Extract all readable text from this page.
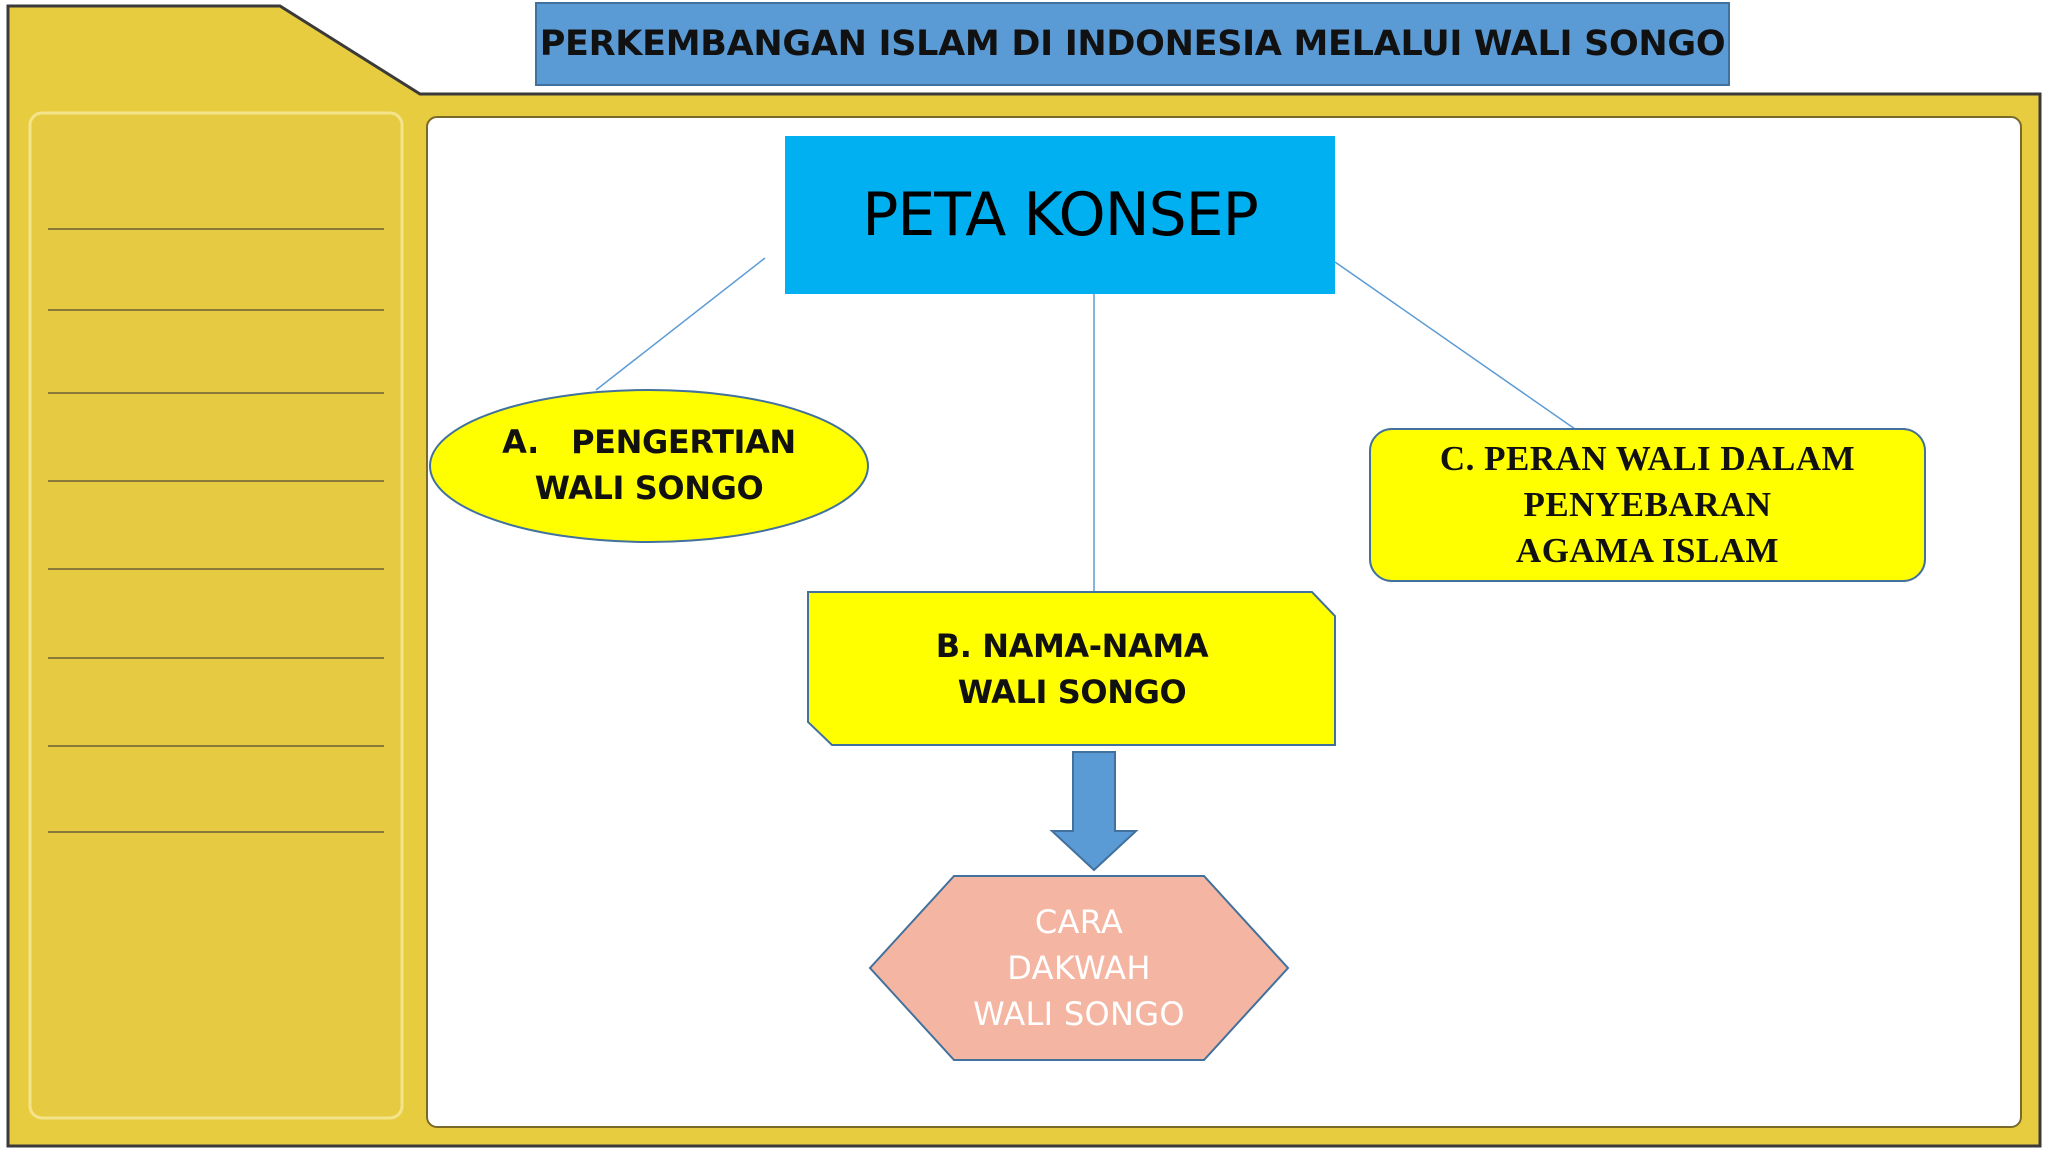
PERKEMBANGAN ISLAM DI INDONESIA MELALUI WALI SONGO
PETA KONSEP
A. PENGERTIAN
WALI SONGO
B. NAMA-NAMA
WALI SONGO
C. PERAN WALI DALAM
PENYEBARAN
AGAMA ISLAM
CARA
DAKWAH
WALI SONGO
